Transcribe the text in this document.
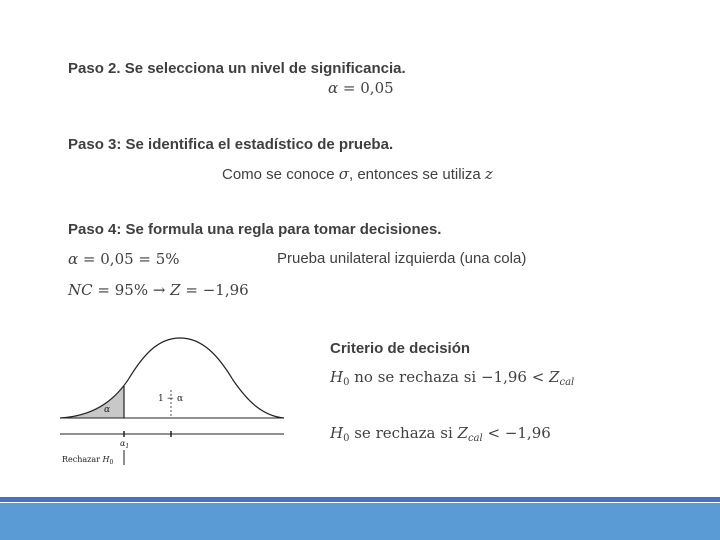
Paso 2. Se selecciona un nivel de significancia.
α = 0,05
Paso 3: Se identifica el estadístico de prueba.
Como se conoce σ, entonces se utiliza z
Paso 4: Se formula una regla para tomar decisiones.
α = 0,05 = 5%	Prueba unilateral izquierda (una cola)
NC = 95% → Z = −1,96
α
1 − α
$\alpha_1$
Rechazar $H_0$
Criterio de decisión
$H_0$ no se rechaza si $-1,96 < Z_{cal}$
$H_0$ se rechaza si $Z_{cal} < -1,96$
